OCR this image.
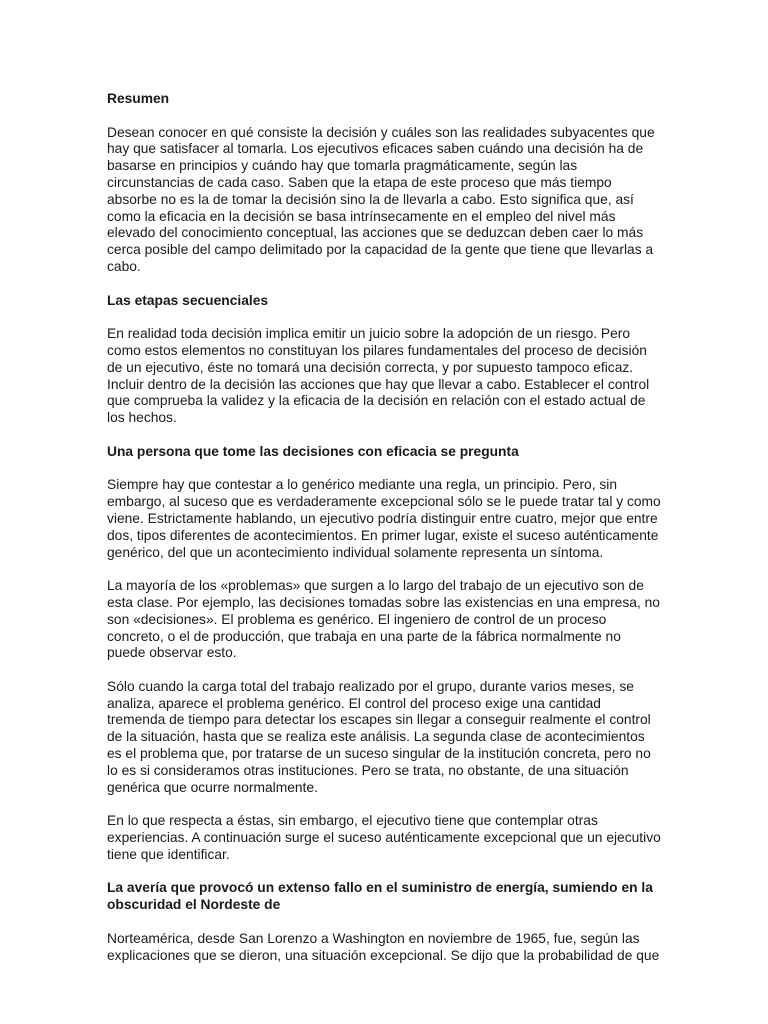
Resumen

Desean conocer en qué consiste la decisión y cuáles son las realidades subyacentes que hay que satisfacer al tomarla. Los ejecutivos eficaces saben cuándo una decisión ha de basarse en principios y cuándo hay que tomarla pragmáticamente, según las circunstancias de cada caso. Saben que la etapa de este proceso que más tiempo absorbe no es la de tomar la decisión sino la de llevarla a cabo. Esto significa que, así como la eficacia en la decisión se basa intrínsecamente en el empleo del nivel más elevado del conocimiento conceptual, las acciones que se deduzcan deben caer lo más cerca posible del campo delimitado por la capacidad de la gente que tiene que llevarlas a cabo.

Las etapas secuenciales

En realidad toda decisión implica emitir un juicio sobre la adopción de un riesgo. Pero como estos elementos no constituyan los pilares fundamentales del proceso de decisión de un ejecutivo, éste no tomará una decisión correcta, y por supuesto tampoco eficaz. Incluir dentro de la decisión las acciones que hay que llevar a cabo. Establecer el control que comprueba la validez y la eficacia de la decisión en relación con el estado actual de los hechos.

Una persona que tome las decisiones con eficacia se pregunta

Siempre hay que contestar a lo genérico mediante una regla, un principio. Pero, sin embargo, al suceso que es verdaderamente excepcional sólo se le puede tratar tal y como viene. Estrictamente hablando, un ejecutivo podría distinguir entre cuatro, mejor que entre dos, tipos diferentes de acontecimientos. En primer lugar, existe el suceso auténticamente genérico, del que un acontecimiento individual solamente representa un síntoma.

La mayoría de los «problemas» que surgen a lo largo del trabajo de un ejecutivo son de esta clase. Por ejemplo, las decisiones tomadas sobre las existencias en una empresa, no son «decisiones». El problema es genérico. El ingeniero de control de un proceso concreto, o el de producción, que trabaja en una parte de la fábrica normalmente no puede observar esto.

Sólo cuando la carga total del trabajo realizado por el grupo, durante varios meses, se analiza, aparece el problema genérico. El control del proceso exige una cantidad tremenda de tiempo para detectar los escapes sin llegar a conseguir realmente el control de la situación, hasta que se realiza este análisis. La segunda clase de acontecimientos es el problema que, por tratarse de un suceso singular de la institución concreta, pero no lo es si consideramos otras instituciones. Pero se trata, no obstante, de una situación genérica que ocurre normalmente.

En lo que respecta a éstas, sin embargo, el ejecutivo tiene que contemplar otras experiencias. A continuación surge el suceso auténticamente excepcional que un ejecutivo tiene que identificar.

La avería que provocó un extenso fallo en el suministro de energía, sumiendo en la obscuridad el Nordeste de

Norteamérica, desde San Lorenzo a Washington en noviembre de 1965, fue, según las explicaciones que se dieron, una situación excepcional. Se dijo que la probabilidad de que
